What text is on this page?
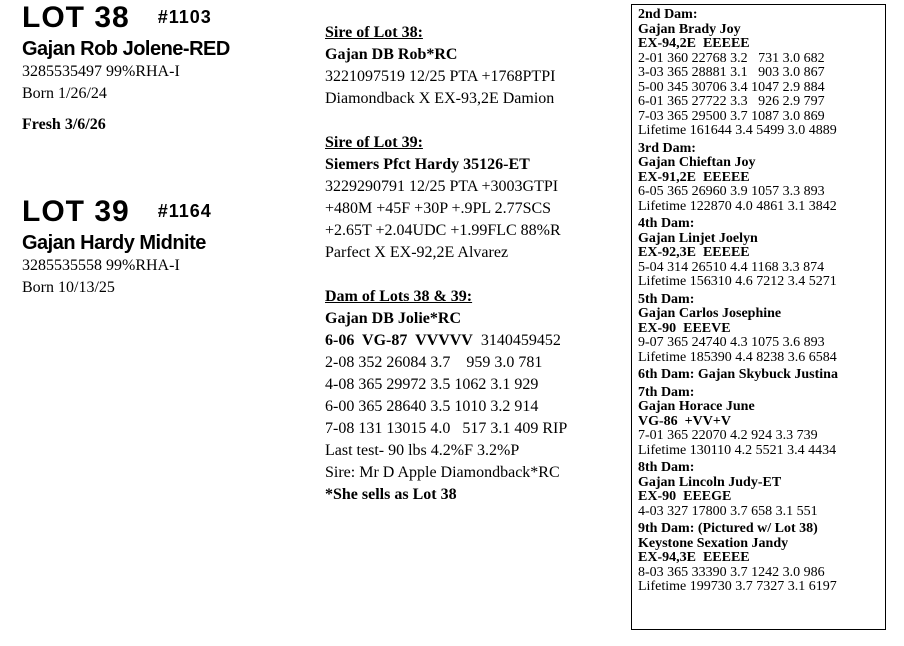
LOT 38 #1103
Gajan Rob Jolene-RED
3285535497 99%RHA-I
Born 1/26/24
Fresh 3/6/26
LOT 39 #1164
Gajan Hardy Midnite
3285535558 99%RHA-I
Born 10/13/25
Sire of Lot 38:
Gajan DB Rob*RC
3221097519 12/25 PTA +1768PTPI
Diamondback X EX-93,2E Damion
Sire of Lot 39:
Siemers Pfct Hardy 35126-ET
3229290791 12/25 PTA +3003GTPI
+480M +45F +30P +.9PL 2.77SCS
+2.65T +2.04UDC +1.99FLC 88%R
Parfect X EX-92,2E Alvarez
Dam of Lots 38 & 39:
Gajan DB Jolie*RC
6-06  VG-87  VVVVV  3140459452
2-08 352 26084 3.7    959 3.0 781
4-08 365 29972 3.5 1062 3.1 929
6-00 365 28640 3.5 1010 3.2 914
7-08 131 13015 4.0   517 3.1 409 RIP
Last test- 90 lbs 4.2%F 3.2%P
Sire: Mr D Apple Diamondback*RC
*She sells as Lot 38
2nd Dam:
Gajan Brady Joy
EX-94,2E  EEEEE
2-01 360 22768 3.2   731 3.0 682
3-03 365 28881 3.1   903 3.0 867
5-00 345 30706 3.4 1047 2.9 884
6-01 365 27722 3.3   926 2.9 797
7-03 365 29500 3.7 1087 3.0 869
Lifetime 161644 3.4 5499 3.0 4889
3rd Dam:
Gajan Chieftan Joy
EX-91,2E  EEEEE
6-05 365 26960 3.9 1057 3.3 893
Lifetime 122870 4.0 4861 3.1 3842
4th Dam:
Gajan Linjet Joelyn
EX-92,3E  EEEEE
5-04 314 26510 4.4 1168 3.3 874
Lifetime 156310 4.6 7212 3.4 5271
5th Dam:
Gajan Carlos Josephine
EX-90  EEEVE
9-07 365 24740 4.3 1075 3.6 893
Lifetime 185390 4.4 8238 3.6 6584
6th Dam: Gajan Skybuck Justina
7th Dam:
Gajan Horace June
VG-86  +VV+V
7-01 365 22070 4.2 924 3.3 739
Lifetime 130110 4.2 5521 3.4 4434
8th Dam:
Gajan Lincoln Judy-ET
EX-90  EEEGE
4-03 327 17800 3.7 658 3.1 551
9th Dam: (Pictured w/ Lot 38)
Keystone Sexation Jandy
EX-94,3E  EEEEE
8-03 365 33390 3.7 1242 3.0 986
Lifetime 199730 3.7 7327 3.1 6197
